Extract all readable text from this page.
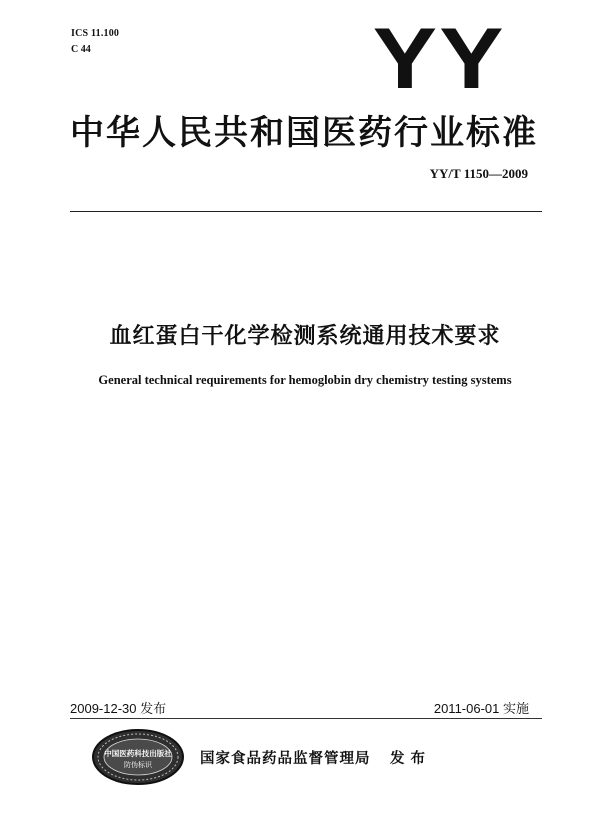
ICS 11.100
C 44	YY
中华人民共和国医药行业标准
YY/T 1150—2009
血红蛋白干化学检测系统通用技术要求
General technical requirements for hemoglobin dry chemistry testing systems
2009-12-30 发布	2011-06-01 实施
中国医药科技出版社
防伪标识	国家食品药品监督管理局 发布
